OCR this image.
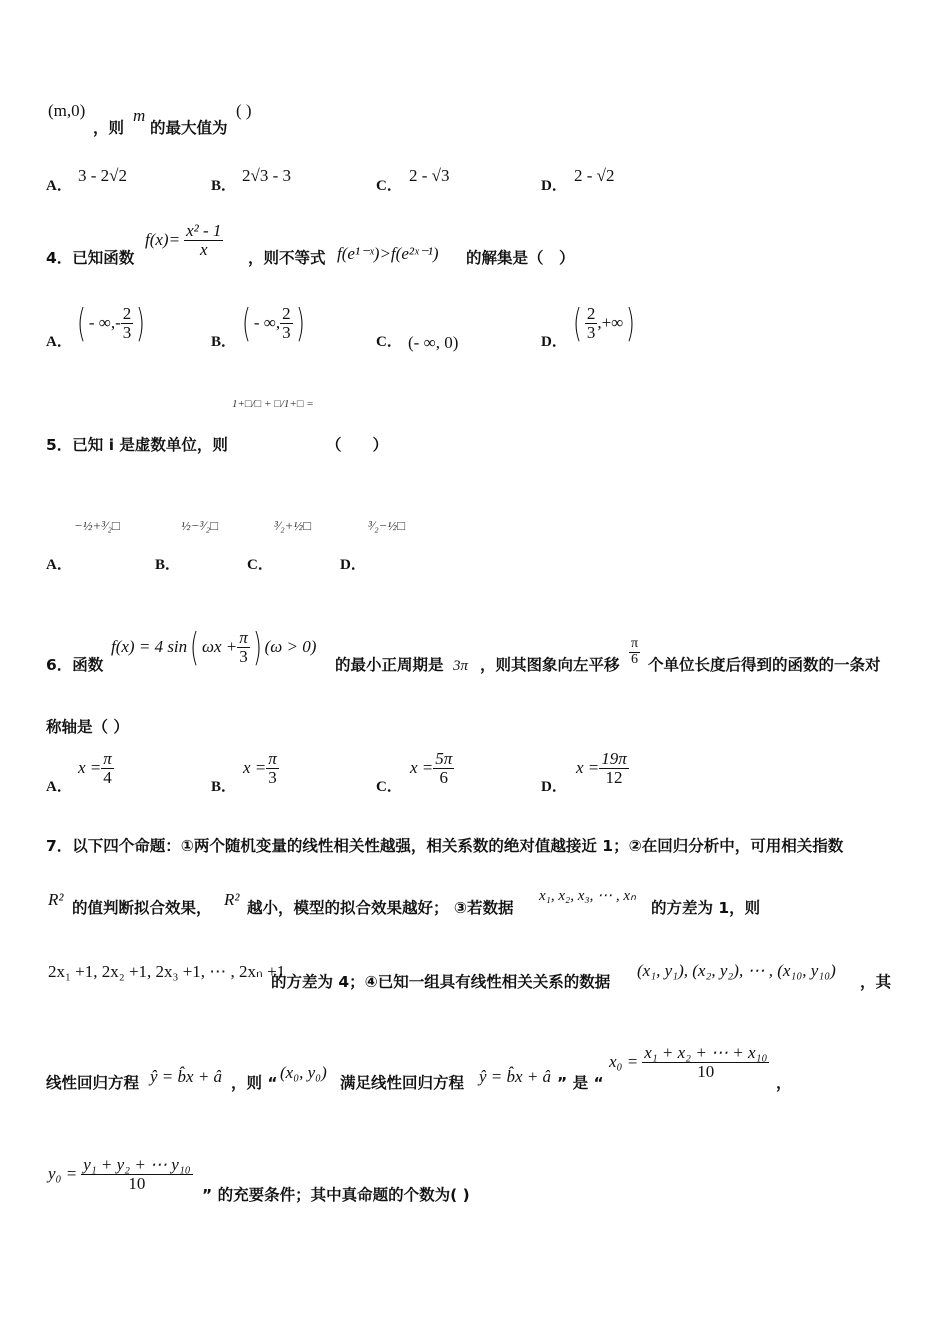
(m,0)
，则
m
的最大值为
( )
A．
3 - 2√2
B．
2√3 - 3
C．
2 - √3
D．
2 - √2
4．已知函数
$f(x)= \frac{\text{x² - 1}}{x}$ ，则不等式 f(e¹⁻ˣ)>f(e²ˣ⁻¹) 的解集是（　）
A． ( - ∞,- $\frac{2}{3}$ )	B． ( - ∞, $\frac{2}{3}$ )	C． (- ∞, 0)	D． ( $\frac{2}{3}$ ,+∞ )
1+□/□ + □/1+□ =
5．已知 i 是虚数单位，则	（　　）
−½+³⁄₂□	½−³⁄₂□	³⁄₂+½□	³⁄₂−½□
A．	B．	C．	D．
6．函数
f(x) = 4 sin ( $\omega x + \frac{\pi}{3}$ ) (ω > 0)
的最小正周期是 3π ，则其图象向左平移 $\frac{\pi}{6}$ 个单位长度后得到的函数的一条对
称轴是（ ）
A．
$x = \frac{\pi}{4}$
B．
$x = \frac{\pi}{3}$
C．
$x = \frac{5\pi}{6}$
D．
$x = \frac{19\pi}{12}$
7．以下四个命题：①两个随机变量的线性相关性越强，相关系数的绝对值越接近 1；②在回归分析中，可用相关指数
R² 的值判断拟合效果， R² 越小，模型的拟合效果越好； ③若数据
x₁, x₂, x₃, ⋯ , xₙ
的方差为 1，则
2x₁ +1, 2x₂ +1, 2x₃ +1, ⋯ , 2xₙ +1
的方差为 4；④已知一组具有线性相关关系的数据
(x₁, y₁), (x₂, y₂), ⋯ , (x₁₀, y₁₀)
，其
线性回归方程 ŷ = b̂x + â ，则 “
(x₀, y₀)
满足线性回归方程 ŷ = b̂x + â ” 是 “
$x_0 = \frac{\text{x₁ + x₂ + ⋯ + x₁₀}}{10}$
，
$y_0 = \frac{\text{y₁ + y₂ + ⋯ y₁₀}}{10}$
” 的充要条件；其中真命题的个数为( )
